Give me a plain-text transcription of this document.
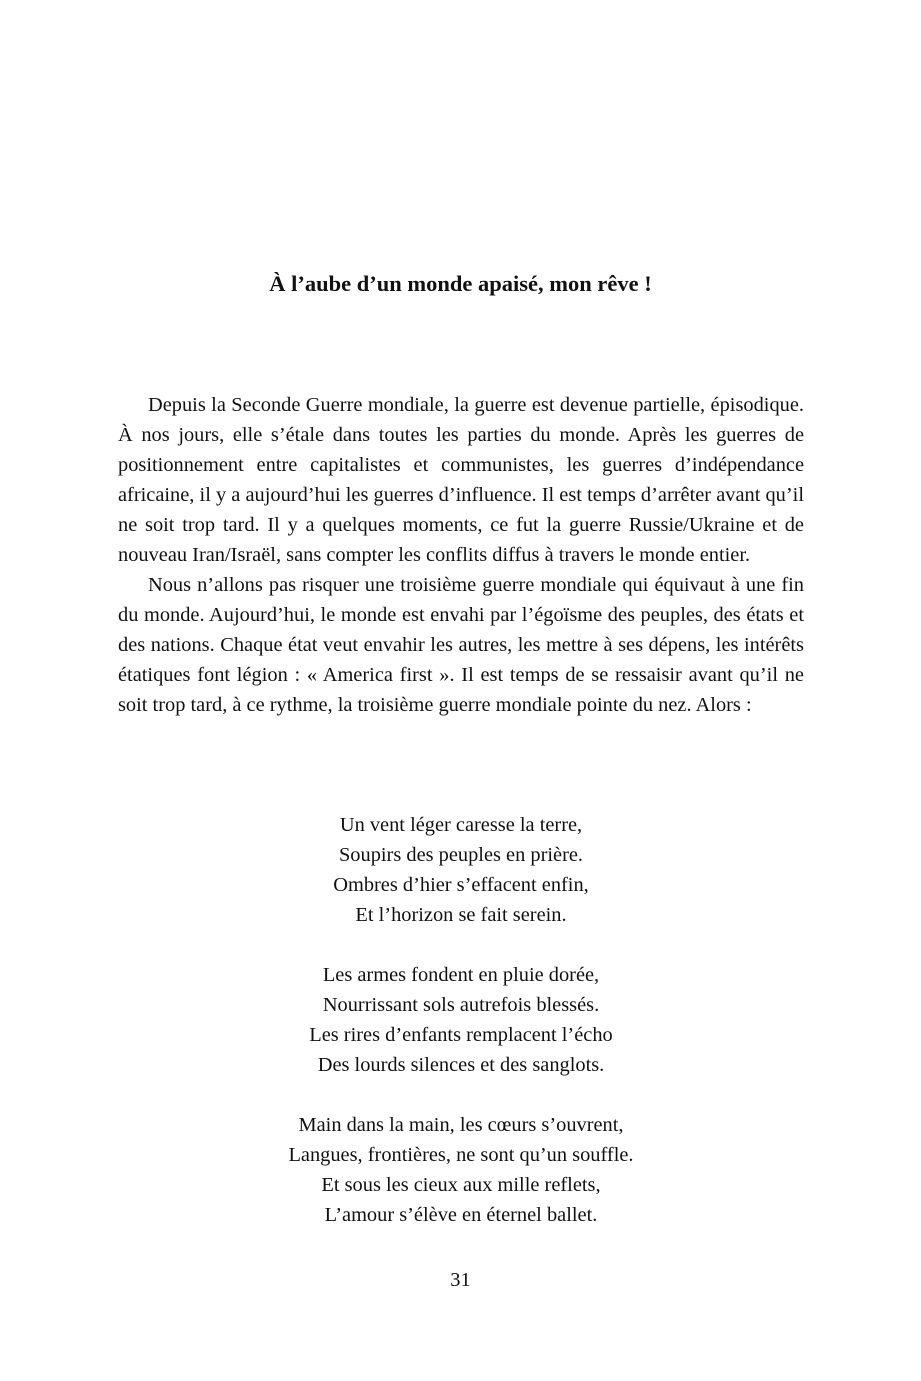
À l’aube d’un monde apaisé, mon rêve !

Depuis la Seconde Guerre mondiale, la guerre est devenue partielle, épisodique. À nos jours, elle s’étale dans toutes les parties du monde. Après les guerres de positionnement entre capitalistes et communistes, les guerres d’indépendance africaine, il y a aujourd’hui les guerres d’influence. Il est temps d’arrêter avant qu’il ne soit trop tard. Il y a quelques moments, ce fut la guerre Russie/Ukraine et de nouveau Iran/Israël, sans compter les conflits diffus à travers le monde entier.

Nous n’allons pas risquer une troisième guerre mondiale qui équivaut à une fin du monde. Aujourd’hui, le monde est envahi par l’égoïsme des peuples, des états et des nations. Chaque état veut envahir les autres, les mettre à ses dépens, les intérêts étatiques font légion : « America first ». Il est temps de se ressaisir avant qu’il ne soit trop tard, à ce rythme, la troisième guerre mondiale pointe du nez. Alors :

Un vent léger caresse la terre,
Soupirs des peuples en prière.
Ombres d’hier s’effacent enfin,
Et l’horizon se fait serein.
Les armes fondent en pluie dorée,
Nourrissant sols autrefois blessés.
Les rires d’enfants remplacent l’écho
Des lourds silences et des sanglots.
Main dans la main, les cœurs s’ouvrent,
Langues, frontières, ne sont qu’un souffle.
Et sous les cieux aux mille reflets,
L’amour s’élève en éternel ballet.
31
